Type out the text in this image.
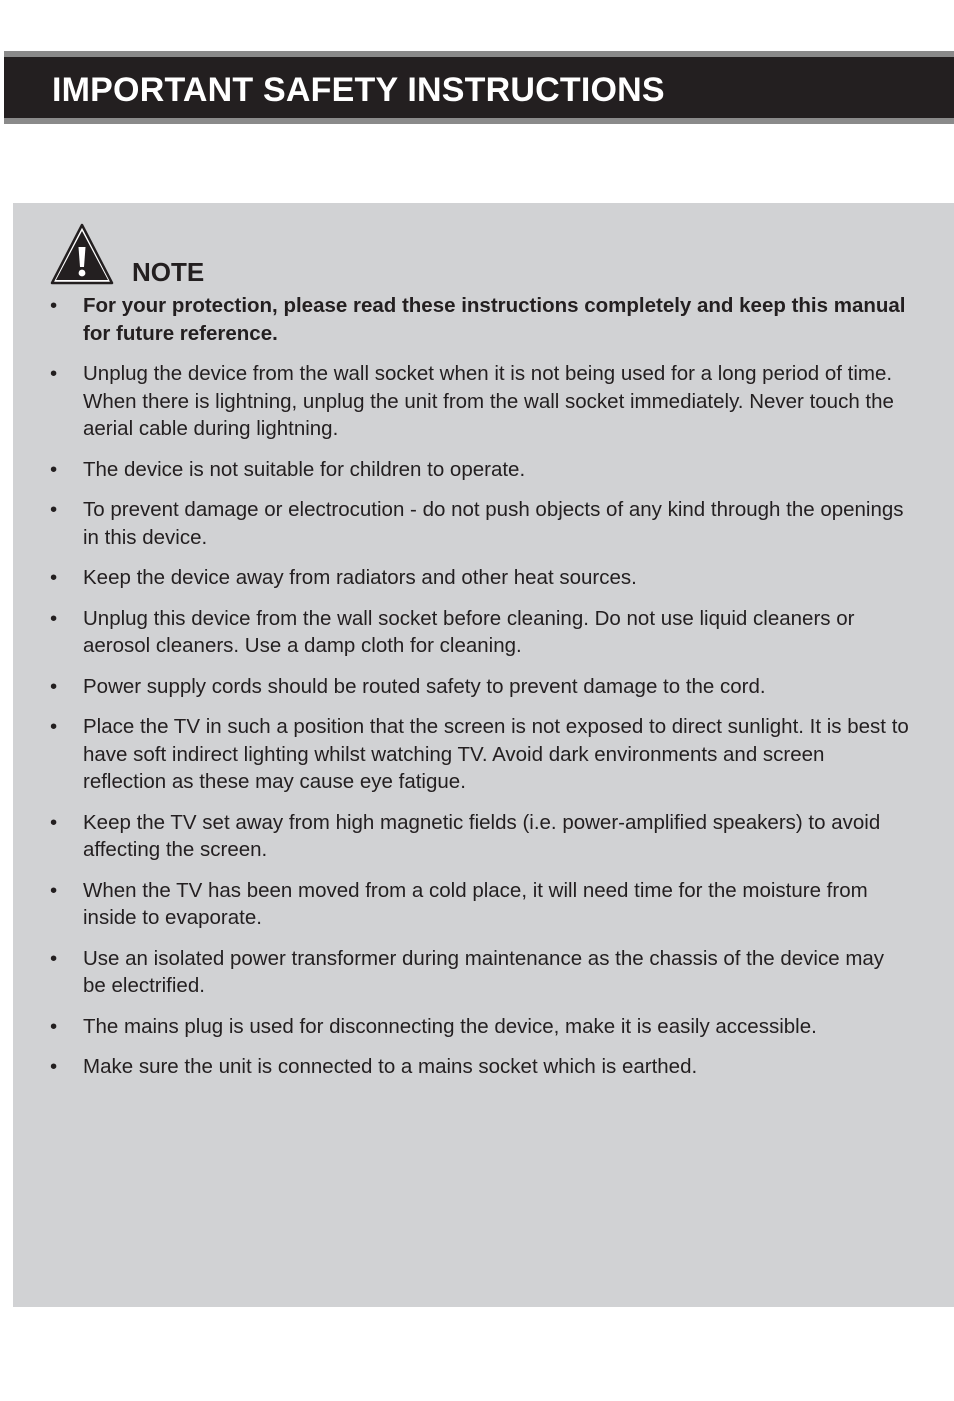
IMPORTANT SAFETY INSTRUCTIONS
NOTE
• For your protection, please read these instructions completely and keep this manual for future reference.
• Unplug the device from the wall socket when it is not being used for a long period of time. When there is lightning, unplug the unit from the wall socket immediately. Never touch the aerial cable during lightning.
• The device is not suitable for children to operate.
• To prevent damage or electrocution - do not push objects of any kind through the openings in this device.
• Keep the device away from radiators and other heat sources.
• Unplug this device from the wall socket before cleaning. Do not use liquid cleaners or aerosol cleaners. Use a damp cloth for cleaning.
• Power supply cords should be routed safety to prevent damage to the cord.
• Place the TV in such a position that the screen is not exposed to direct sunlight. It is best to have soft indirect lighting whilst watching TV. Avoid dark environments and screen reflection as these may cause eye fatigue.
• Keep the TV set away from high magnetic fields (i.e. power-amplified speakers) to avoid affecting the screen.
• When the TV has been moved from a cold place, it will need time for the moisture from inside to evaporate.
• Use an isolated power transformer during maintenance as the chassis of the device may be electrified.
• The mains plug is used for disconnecting the device, make it is easily accessible.
• Make sure the unit is connected to a mains socket which is earthed.
